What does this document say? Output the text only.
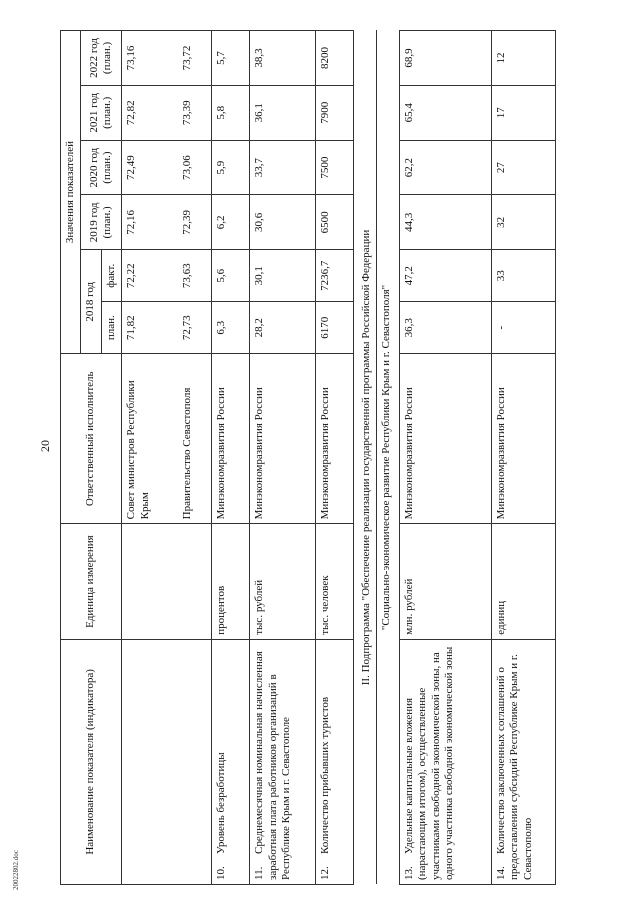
20
20022802.doc
Наименование показателя (индикатора)	Единица измерения	Ответственный исполнитель	Значения показателей					
			2018 год		2019 год (план.)	2020 год (план.)	2021 год (план.)	2022 год (план.)
			план.	факт.				
		Совет министров Республики Крым	71,82	72,22	72,16	72,49	72,82	73,16
		Правительство Севастополя	72,73	73,63	72,39	73,06	73,39	73,72
10.Уровень безработицы	процентов	Минэкономразвития России	6,3	5,6	6,2	5,9	5,8	5,7
11.Среднемесячная номинальная начисленная заработная плата работников организаций в Республике Крым и г. Севастополе	тыс. рублей	Минэкономразвития России	28,2	30,1	30,6	33,7	36,1	38,3
12.Количество прибывших туристов	тыс. человек	Минэкономразвития России	6170	7236,7	6500	7500	7900	8200
II. Подпрограмма "Обеспечение реализации государственной программы Российской Федерации								
"Социально-экономическое развитие Республики Крым и г. Севастополя"								
13.Удельные капитальные вложения (нарастающим итогом), осуществленные участниками свободной экономической зоны, на одного участника свободной экономической зоны	млн. рублей	Минэкономразвития России	36,3	47,2	44,3	62,2	65,4	68,9
14.Количество заключенных соглашений о предоставлении субсидий Республике Крым и г. Севастополю	единиц	Минэкономразвития России	-	33	32	27	17	12
